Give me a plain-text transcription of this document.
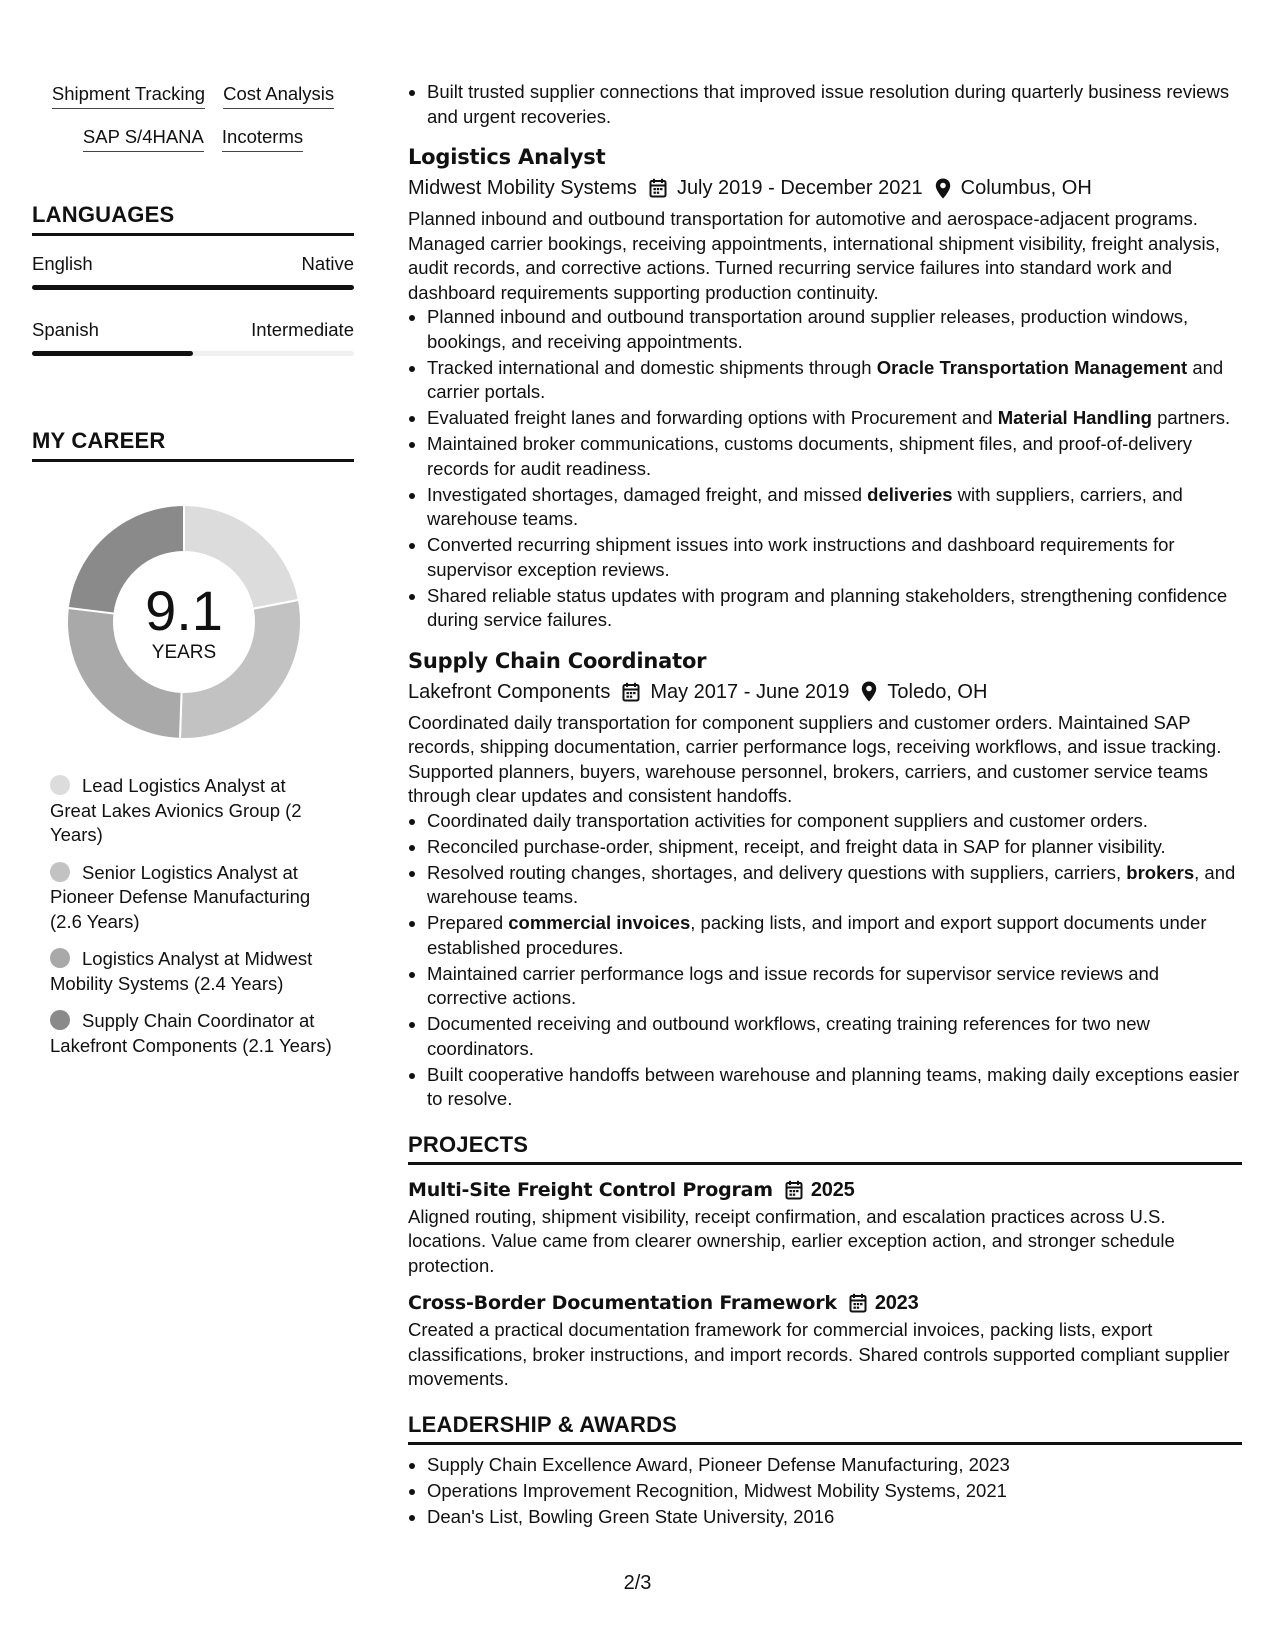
Shipment Tracking Cost Analysis
SAP S/4HANA Incoterms
LANGUAGES
English	Native
Spanish	Intermediate
MY CAREER
9.1
YEARS
Lead Logistics Analyst at Great Lakes Avionics Group (2 Years)
Senior Logistics Analyst at Pioneer Defense Manufacturing (2.6 Years)
Logistics Analyst at Midwest Mobility Systems (2.4 Years)
Supply Chain Coordinator at Lakefront Components (2.1 Years)
Built trusted supplier connections that improved issue resolution during quarterly business reviews and urgent recoveries.
Logistics Analyst
Midwest Mobility Systems July 2019 - December 2021 Columbus, OH

Planned inbound and outbound transportation for automotive and aerospace-adjacent programs. Managed carrier bookings, receiving appointments, international shipment visibility, freight analysis, audit records, and corrective actions. Turned recurring service failures into standard work and dashboard requirements supporting production continuity.

Planned inbound and outbound transportation around supplier releases, production windows, bookings, and receiving appointments.
Tracked international and domestic shipments through Oracle Transportation Management and carrier portals.
Evaluated freight lanes and forwarding options with Procurement and Material Handling partners.
Maintained broker communications, customs documents, shipment files, and proof-of-delivery records for audit readiness.
Investigated shortages, damaged freight, and missed deliveries with suppliers, carriers, and warehouse teams.
Converted recurring shipment issues into work instructions and dashboard requirements for supervisor exception reviews.
Shared reliable status updates with program and planning stakeholders, strengthening confidence during service failures.
Supply Chain Coordinator
Lakefront Components May 2017 - June 2019 Toledo, OH

Coordinated daily transportation for component suppliers and customer orders. Maintained SAP records, shipping documentation, carrier performance logs, receiving workflows, and issue tracking. Supported planners, buyers, warehouse personnel, brokers, carriers, and customer service teams through clear updates and consistent handoffs.

Coordinated daily transportation activities for component suppliers and customer orders.
Reconciled purchase-order, shipment, receipt, and freight data in SAP for planner visibility.
Resolved routing changes, shortages, and delivery questions with suppliers, carriers, brokers, and warehouse teams.
Prepared commercial invoices, packing lists, and import and export support documents under established procedures.
Maintained carrier performance logs and issue records for supervisor service reviews and corrective actions.
Documented receiving and outbound workflows, creating training references for two new coordinators.
Built cooperative handoffs between warehouse and planning teams, making daily exceptions easier to resolve.
PROJECTS
Multi-Site Freight Control Program 2025

Aligned routing, shipment visibility, receipt confirmation, and escalation practices across U.S. locations. Value came from clearer ownership, earlier exception action, and stronger schedule protection.

Cross-Border Documentation Framework 2023

Created a practical documentation framework for commercial invoices, packing lists, export classifications, broker instructions, and import records. Shared controls supported compliant supplier movements.

LEADERSHIP & AWARDS
Supply Chain Excellence Award, Pioneer Defense Manufacturing, 2023
Operations Improvement Recognition, Midwest Mobility Systems, 2021
Dean's List, Bowling Green State University, 2016
2/3
